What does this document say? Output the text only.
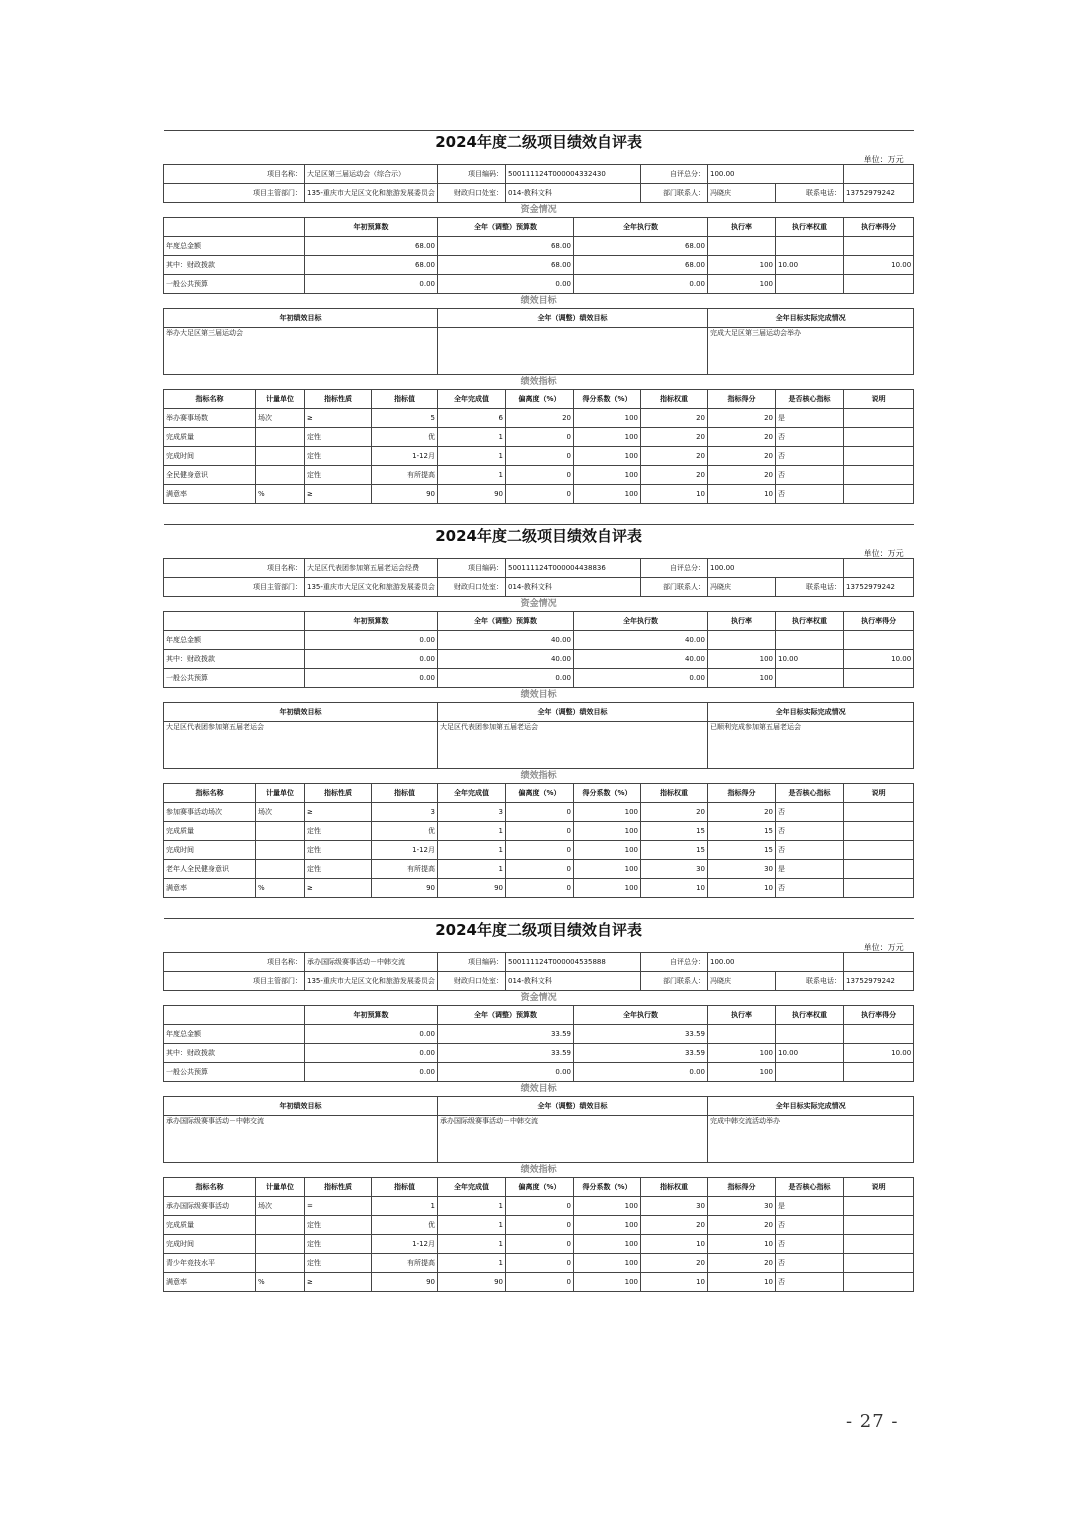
2024年度二级项目绩效自评表										
单位：万元										
项目名称：		大足区第三届运动会（综合示）		项目编码：	500111124T000004332430		自评总分：	100.00		
项目主管部门：		135-重庆市大足区文化和旅游发展委员会		财政归口处室：	014-教科文科		部门联系人：	冯晓庆	联系电话：	13752979242
资金情况										
		年初预算数		全年（调整）预算数		全年执行数		执行率	执行率权重	执行率得分
年度总金额		68.00		68.00		68.00				
其中：财政拨款		68.00		68.00		68.00		100	10.00	10.00
一般公共预算		0.00		0.00		0.00		100		
绩效目标										
年初绩效目标				全年（调整）绩效目标				全年目标实际完成情况		
举办大足区第三届运动会								完成大足区第三届运动会举办		
绩效指标										
指标名称	计量单位	指标性质	指标值	全年完成值	偏离度（%）	得分系数（%）	指标权重	指标得分	是否核心指标	说明
举办赛事场数	场次	≥	5	6	20	100	20	20	是	
完成质量		定性	优	1	0	100	20	20	否	
完成时间		定性	1-12月	1	0	100	20	20	否	
全民健身意识		定性	有所提高	1	0	100	20	20	否	
满意率	%	≥	90	90	0	100	10	10	否	
2024年度二级项目绩效自评表										
单位：万元										
项目名称：		大足区代表团参加第五届老运会经费		项目编码：	500111124T000004438836		自评总分：	100.00		
项目主管部门：		135-重庆市大足区文化和旅游发展委员会		财政归口处室：	014-教科文科		部门联系人：	冯晓庆	联系电话：	13752979242
资金情况										
		年初预算数		全年（调整）预算数		全年执行数		执行率	执行率权重	执行率得分
年度总金额		0.00		40.00		40.00				
其中：财政拨款		0.00		40.00		40.00		100	10.00	10.00
一般公共预算		0.00		0.00		0.00		100		
绩效目标										
年初绩效目标				全年（调整）绩效目标				全年目标实际完成情况		
大足区代表团参加第五届老运会				大足区代表团参加第五届老运会				已顺利完成参加第五届老运会		
绩效指标										
指标名称	计量单位	指标性质	指标值	全年完成值	偏离度（%）	得分系数（%）	指标权重	指标得分	是否核心指标	说明
参加赛事活动场次	场次	≥	3	3	0	100	20	20	否	
完成质量		定性	优	1	0	100	15	15	否	
完成时间		定性	1-12月	1	0	100	15	15	否	
老年人全民健身意识		定性	有所提高	1	0	100	30	30	是	
满意率	%	≥	90	90	0	100	10	10	否	
2024年度二级项目绩效自评表										
单位：万元										
项目名称：		承办国际级赛事活动－中韩交流		项目编码：	500111124T000004535888		自评总分：	100.00		
项目主管部门：		135-重庆市大足区文化和旅游发展委员会		财政归口处室：	014-教科文科		部门联系人：	冯晓庆	联系电话：	13752979242
资金情况										
		年初预算数		全年（调整）预算数		全年执行数		执行率	执行率权重	执行率得分
年度总金额		0.00		33.59		33.59				
其中：财政拨款		0.00		33.59		33.59		100	10.00	10.00
一般公共预算		0.00		0.00		0.00		100		
绩效目标										
年初绩效目标				全年（调整）绩效目标				全年目标实际完成情况		
承办国际级赛事活动－中韩交流				承办国际级赛事活动－中韩交流				完成中韩交流活动举办		
绩效指标										
指标名称	计量单位	指标性质	指标值	全年完成值	偏离度（%）	得分系数（%）	指标权重	指标得分	是否核心指标	说明
承办国际级赛事活动	场次	=	1	1	0	100	30	30	是	
完成质量		定性	优	1	0	100	20	20	否	
完成时间		定性	1-12月	1	0	100	10	10	否	
青少年竞技水平		定性	有所提高	1	0	100	20	20	否	
满意率	%	≥	90	90	0	100	10	10	否	
- 27 -
